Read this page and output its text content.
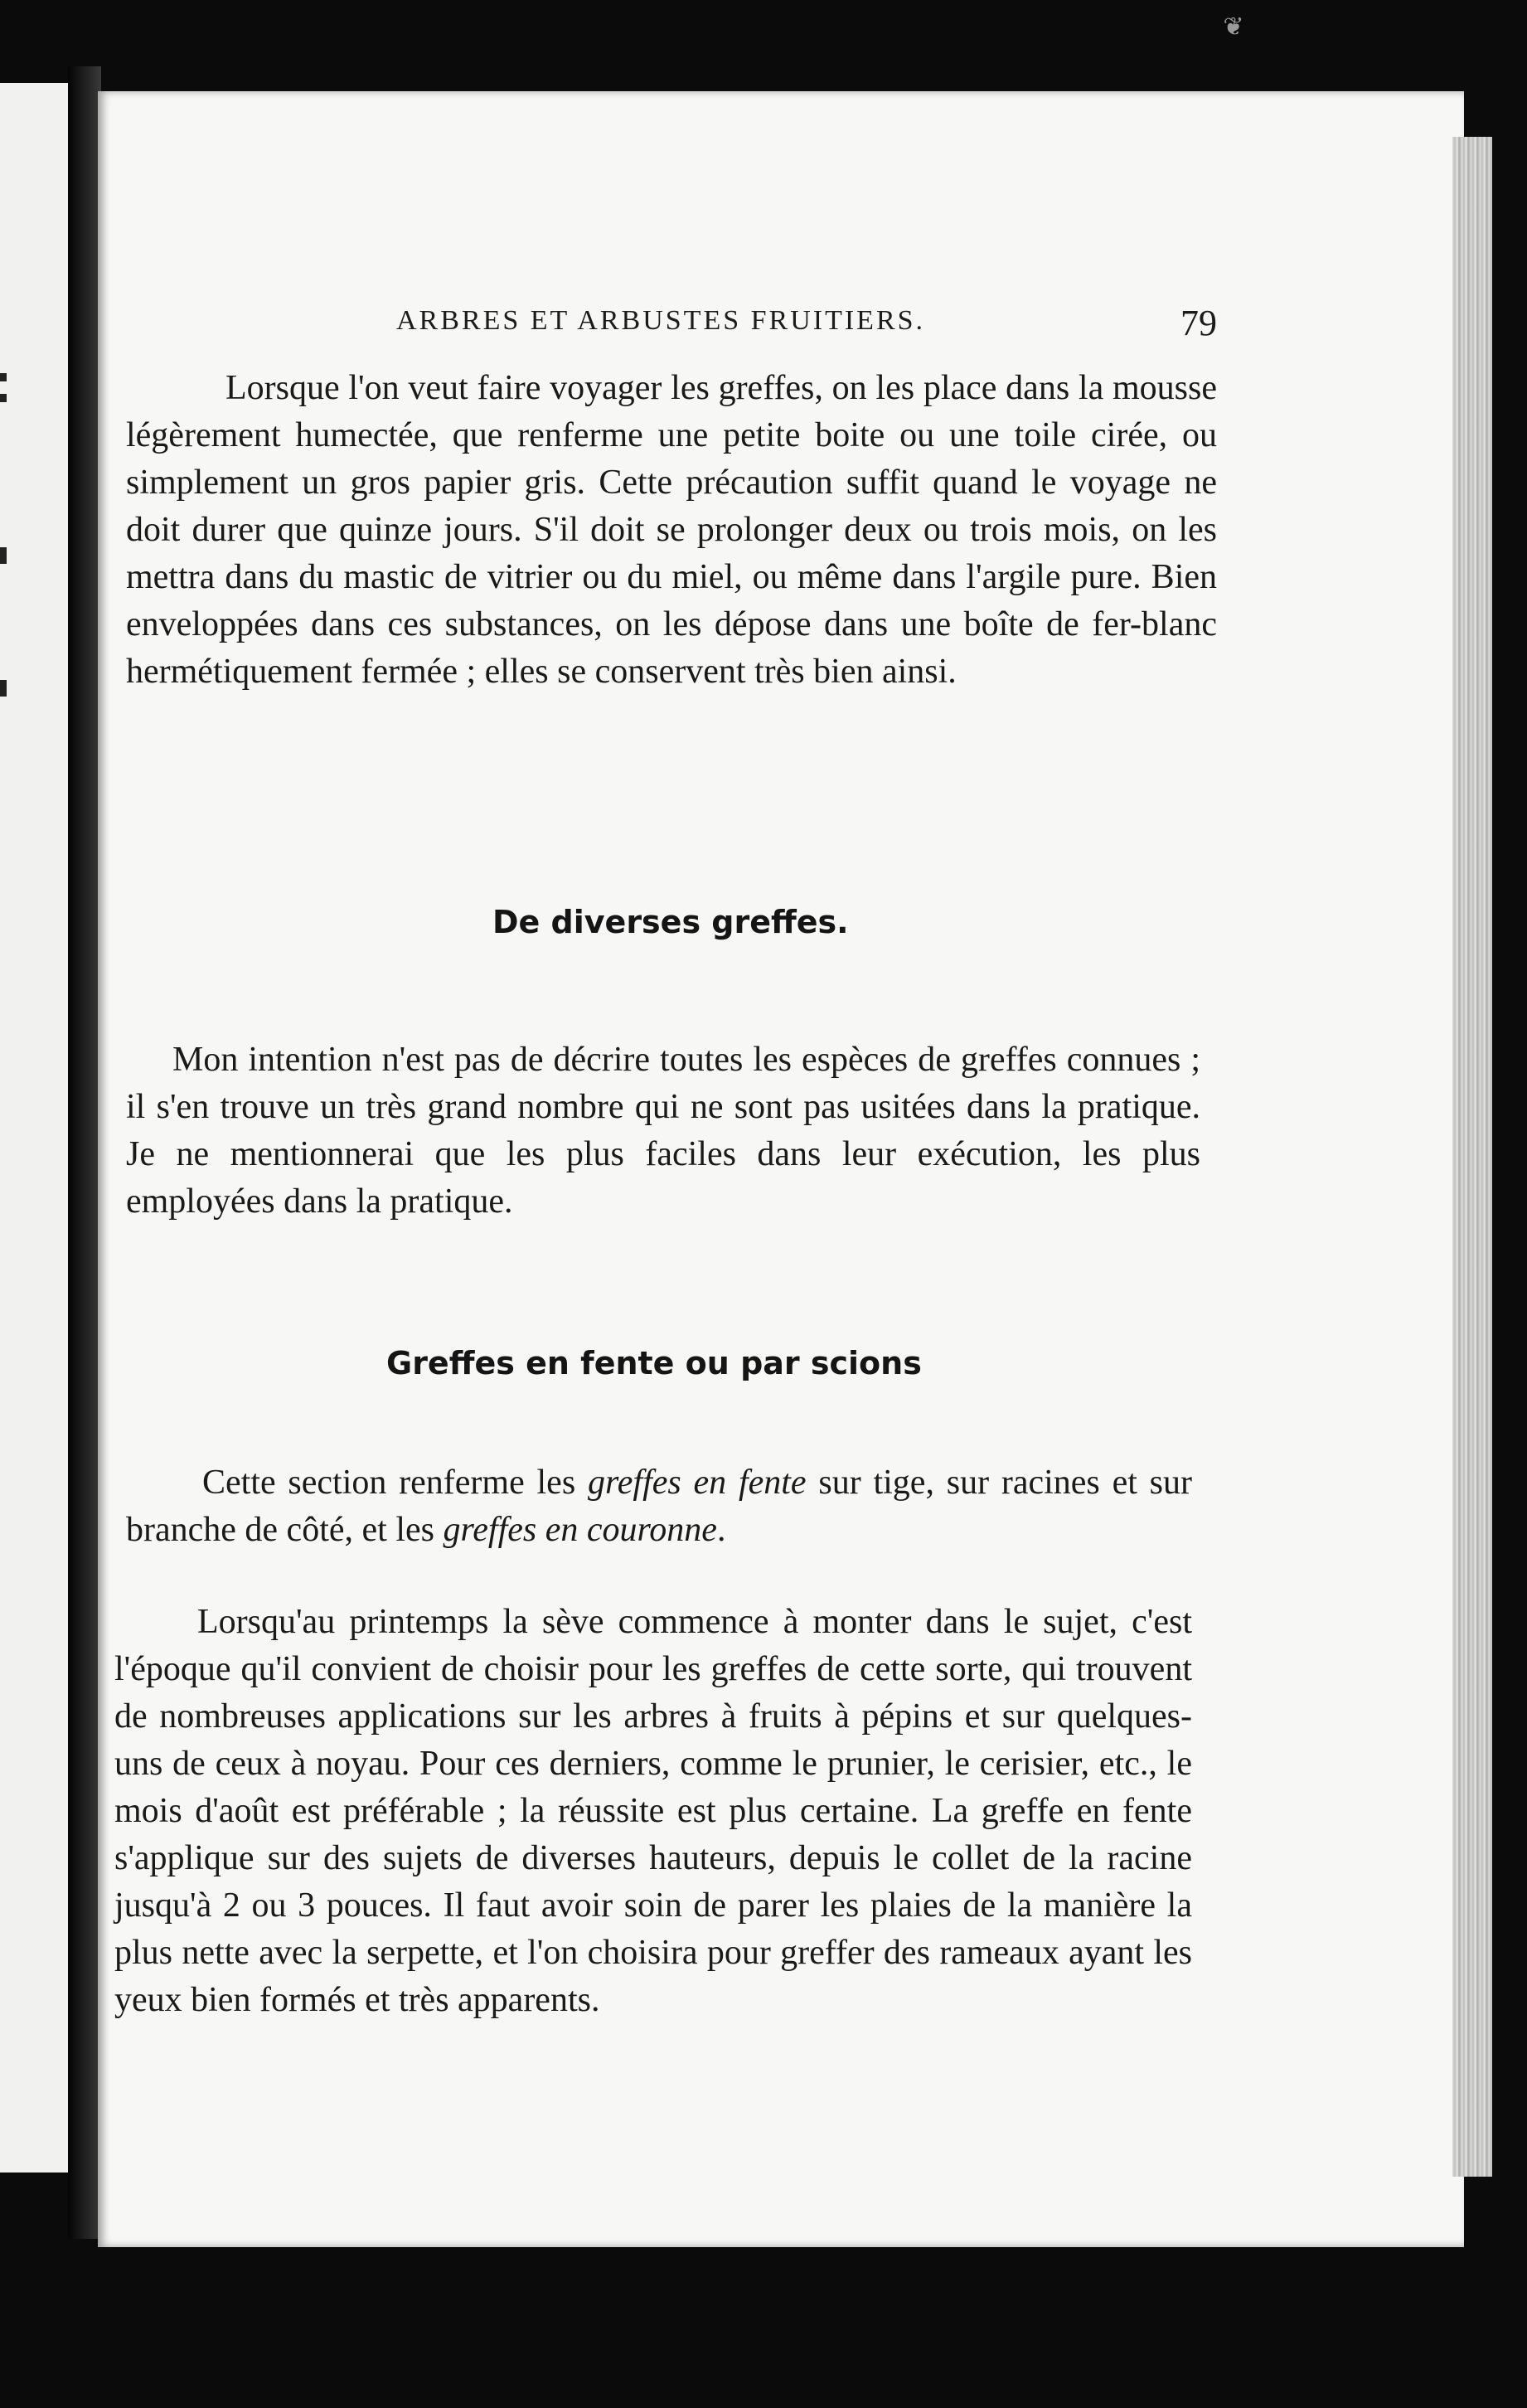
❦
ARBRES ET ARBUSTES FRUITIERS.	79

Lorsque l'on veut faire voyager les greffes, on les place dans la mousse légèrement humectée, que renferme une petite boite ou une toile cirée, ou simplement un gros papier gris. Cette précaution suffit quand le voyage ne doit durer que quinze jours. S'il doit se prolonger deux ou trois mois, on les mettra dans du mastic de vitrier ou du miel, ou même dans l'argile pure. Bien enveloppées dans ces substances, on les dépose dans une boîte de fer-blanc hermétiquement fermée ; elles se conservent très bien ainsi.

De diverses greffes.

Mon intention n'est pas de décrire toutes les espèces de greffes connues ; il s'en trouve un très grand nombre qui ne sont pas usitées dans la pratique. Je ne mentionnerai que les plus faciles dans leur exécution, les plus employées dans la pratique.

Greffes en fente ou par scions

Cette section renferme les greffes en fente sur tige, sur racines et sur branche de côté, et les greffes en couronne.

Lorsqu'au printemps la sève commence à monter dans le sujet, c'est l'époque qu'il convient de choisir pour les greffes de cette sorte, qui trouvent de nombreuses applications sur les arbres à fruits à pépins et sur quelques-uns de ceux à noyau. Pour ces derniers, comme le prunier, le cerisier, etc., le mois d'août est préférable ; la réussite est plus certaine. La greffe en fente s'applique sur des sujets de diverses hauteurs, depuis le collet de la racine jusqu'à 2 ou 3 pouces. Il faut avoir soin de parer les plaies de la manière la plus nette avec la serpette, et l'on choisira pour greffer des rameaux ayant les yeux bien formés et très apparents.
